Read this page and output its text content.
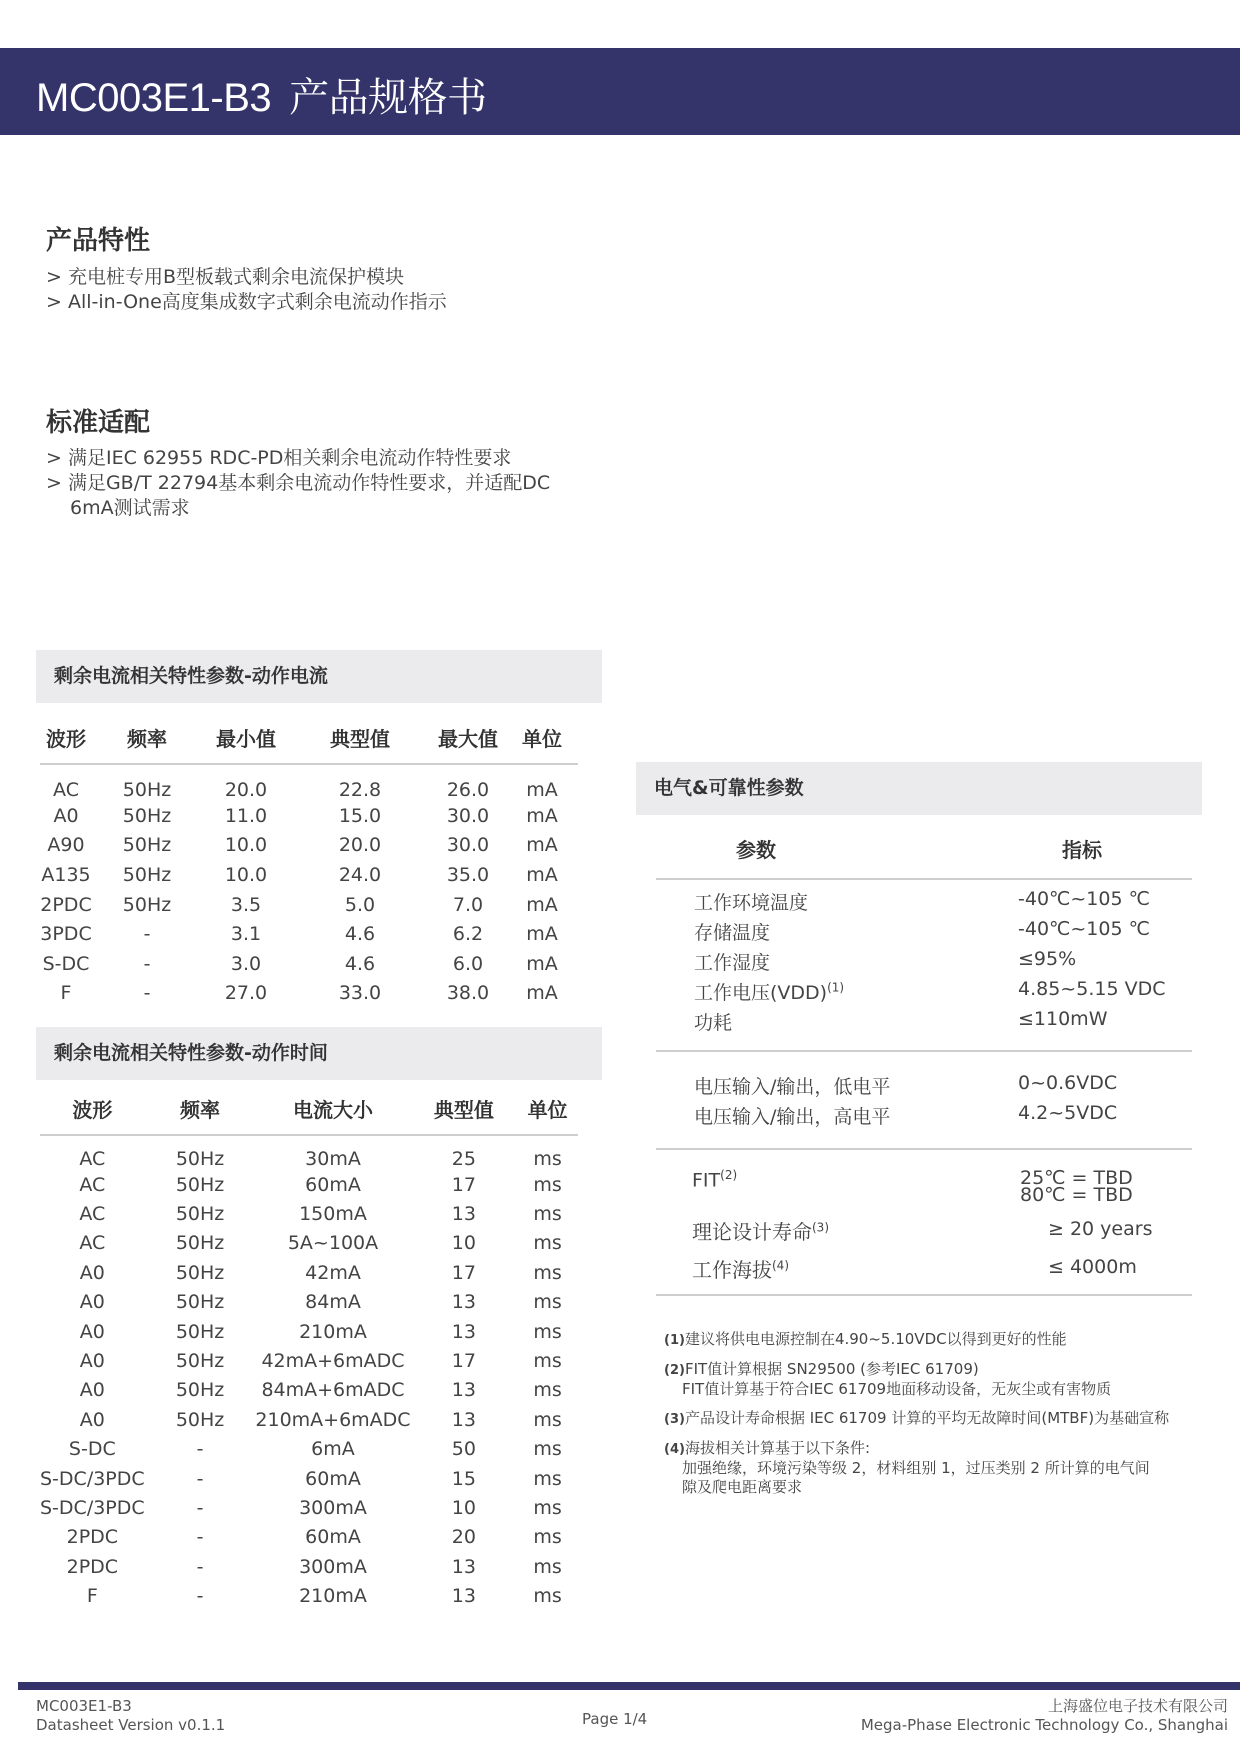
MC003E1-B3 产品规格书
产品特性
> 充电桩专用B型板载式剩余电流保护模块
> All-in-One高度集成数字式剩余电流动作指示
标准适配
> 满足IEC 62955 RDC-PD相关剩余电流动作特性要求
> 满足GB/T 22794基本剩余电流动作特性要求，并适配DC
6mA测试需求
剩余电流相关特性参数-动作电流
波形	频率	最小值	典型值	最大值	单位
AC	50Hz	20.0	22.8	26.0	mA
A0	50Hz	11.0	15.0	30.0	mA
A90	50Hz	10.0	20.0	30.0	mA
A135	50Hz	10.0	24.0	35.0	mA
2PDC	50Hz	3.5	5.0	7.0	mA
3PDC	-	3.1	4.6	6.2	mA
S-DC	-	3.0	4.6	6.0	mA
F	-	27.0	33.0	38.0	mA
剩余电流相关特性参数-动作时间
波形	频率	电流大小	典型值	单位
AC	50Hz	30mA	25	ms
AC	50Hz	60mA	17	ms
AC	50Hz	150mA	13	ms
AC	50Hz	5A~100A	10	ms
A0	50Hz	42mA	17	ms
A0	50Hz	84mA	13	ms
A0	50Hz	210mA	13	ms
A0	50Hz	42mA+6mADC	17	ms
A0	50Hz	84mA+6mADC	13	ms
A0	50Hz	210mA+6mADC	13	ms
S-DC	-	6mA	50	ms
S-DC/3PDC	-	60mA	15	ms
S-DC/3PDC	-	300mA	10	ms
2PDC	-	60mA	20	ms
2PDC	-	300mA	13	ms
F	-	210mA	13	ms
电气&可靠性参数
参数	指标
工作环境温度	-40℃~105 ℃
存储温度	-40℃~105 ℃
工作湿度	≤95%
工作电压(VDD)$^{(1)}$	4.85~5.15 VDC
功耗	≤110mW
电压输入/输出，低电平	0~0.6VDC
电压输入/输出，高电平	4.2~5VDC
FIT$^{(2)}$	25℃ = TBD
80℃ = TBD
理论设计寿命$^{(3)}$	≥ 20 years
工作海拔$^{(4)}$	≤ 4000m
(1)建议将供电电源控制在4.90~5.10VDC以得到更好的性能
(2)FIT值计算根据 SN29500 (参考IEC 61709)
FIT值计算基于符合IEC 61709地面移动设备，无灰尘或有害物质
(3)产品设计寿命根据 IEC 61709 计算的平均无故障时间(MTBF)为基础宣称
(4)海拔相关计算基于以下条件:
加强绝缘，环境污染等级 2，材料组别 1，过压类别 2 所计算的电气间
隙及爬电距离要求
MC003E1-B3
Datasheet Version v0.1.1	Page 1/4
上海盛位电子技术有限公司
Mega-Phase Electronic Technology Co., Shanghai
